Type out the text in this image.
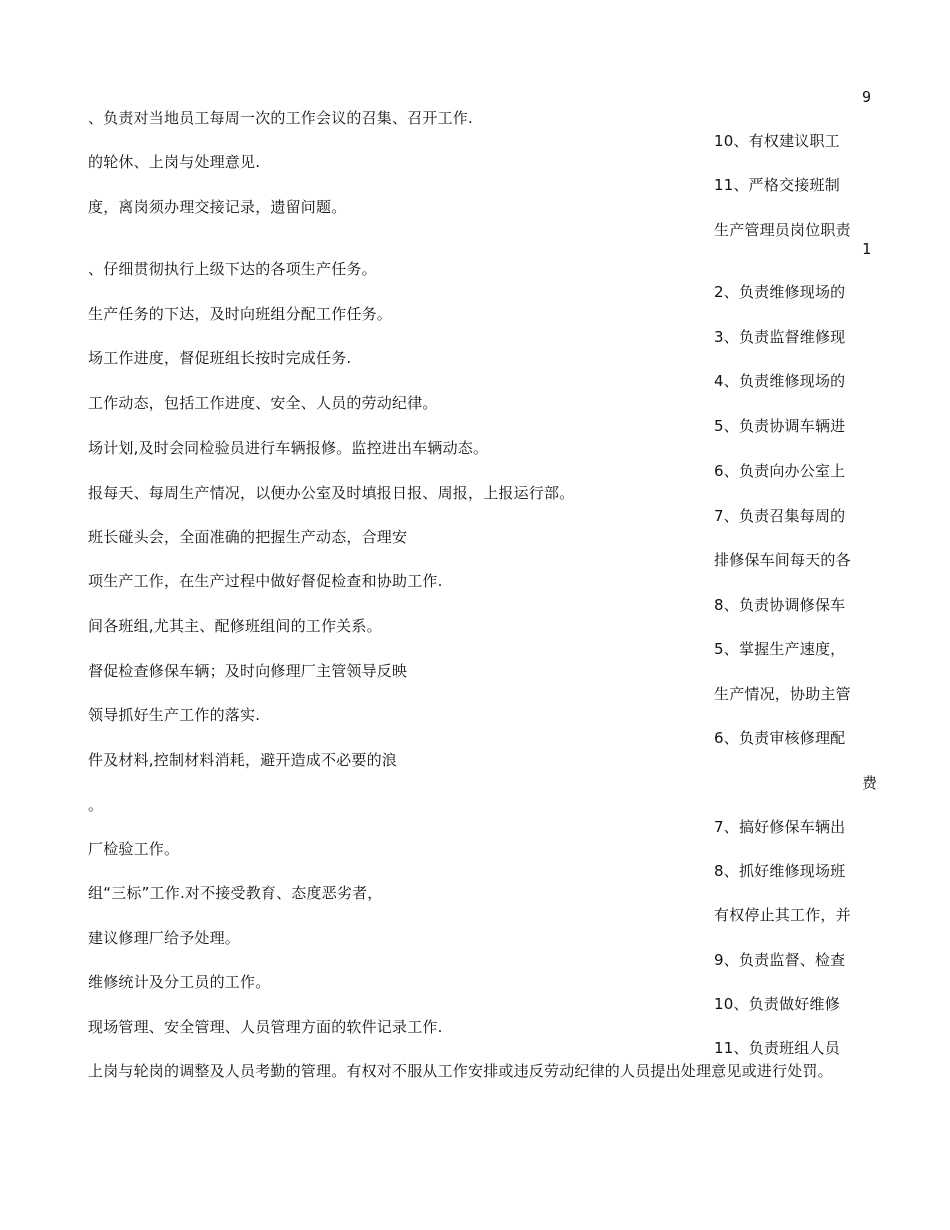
、负责对当地员工每周一次的工作会议的召集、召开工作.
的轮休、上岗与处理意见.
度，离岗须办理交接记录，遗留问题。
、仔细贯彻执行上级下达的各项生产任务。
生产任务的下达，及时向班组分配工作任务。
场工作进度，督促班组长按时完成任务.
工作动态，包括工作进度、安全、人员的劳动纪律。
场计划,及时会同检验员进行车辆报修。监控进出车辆动态。
报每天、每周生产情况，以便办公室及时填报日报、周报，上报运行部。
班长碰头会，全面准确的把握生产动态，合理安
项生产工作，在生产过程中做好督促检查和协助工作.
间各班组,尤其主、配修班组间的工作关系。
督促检查修保车辆；及时向修理厂主管领导反映
领导抓好生产工作的落实.
件及材料,控制材料消耗，避开造成不必要的浪
。
厂检验工作。
组“三标”工作.对不接受教育、态度恶劣者，
建议修理厂给予处理。
维修统计及分工员的工作。
现场管理、安全管理、人员管理方面的软件记录工作.
上岗与轮岗的调整及人员考勤的管理。有权对不服从工作安排或违反劳动纪律的人员提出处理意见或进行处罚。
9
10、有权建议职工
11、严格交接班制
生产管理员岗位职责
1
2、负责维修现场的
3、负责监督维修现
4、负责维修现场的
5、负责协调车辆进
6、负责向办公室上
7、负责召集每周的
排修保车间每天的各
8、负责协调修保车
5、掌握生产速度，
生产情况，协助主管
6、负责审核修理配
费
7、搞好修保车辆出
8、抓好维修现场班
有权停止其工作，并
9、负责监督、检查
10、负责做好维修
11、负责班组人员
